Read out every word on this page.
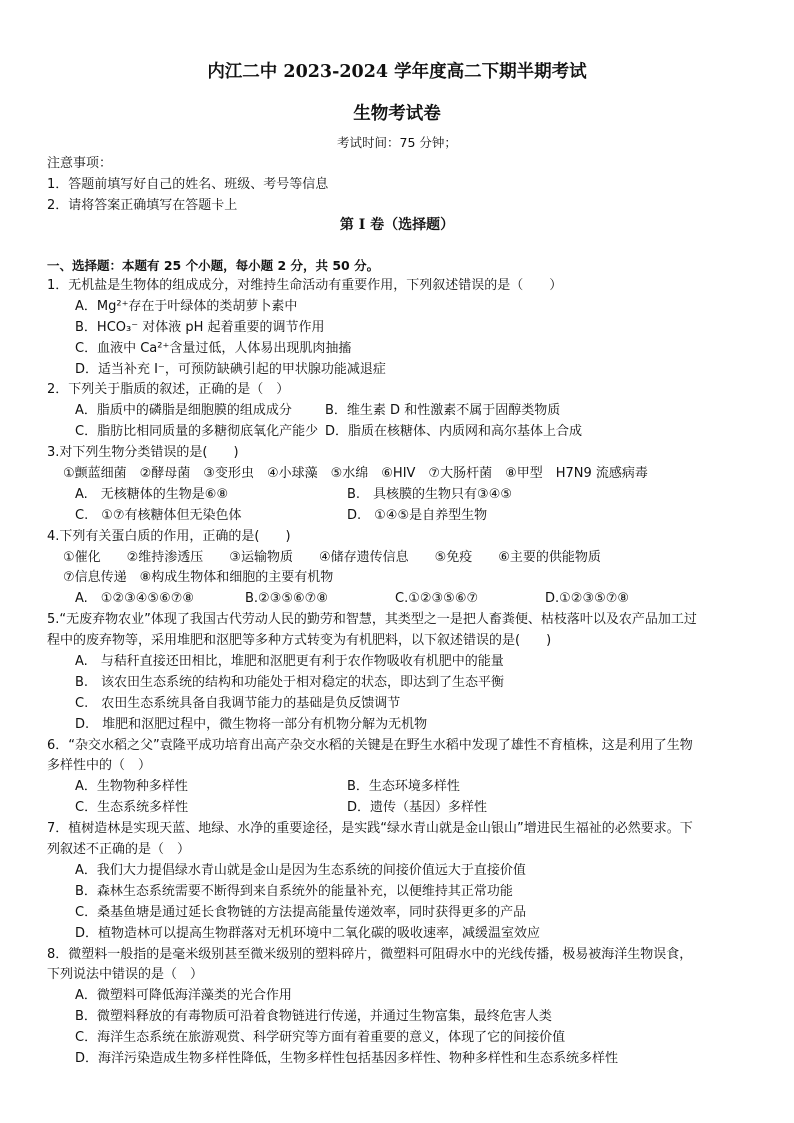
内江二中 2023-2024 学年度高二下期半期考试
生物考试卷
考试时间：75 分钟；
注意事项：
1．答题前填写好自己的姓名、班级、考号等信息
2．请将答案正确填写在答题卡上
第 I 卷（选择题）
一、选择题：本题有 25 个小题，每小题 2 分，共 50 分。
1．无机盐是生物体的组成成分，对维持生命活动有重要作用，下列叙述错误的是（　　）
A．Mg²⁺存在于叶绿体的类胡萝卜素中
B．HCO₃⁻ 对体液 pH 起着重要的调节作用
C．血液中 Ca²⁺含量过低，人体易出现肌肉抽搐
D．适当补充 I⁻，可预防缺碘引起的甲状腺功能减退症
2．下列关于脂质的叙述，正确的是（　）
A．脂质中的磷脂是细胞膜的组成成分	B．维生素 D 和性激素不属于固醇类物质
C．脂肪比相同质量的多糖彻底氧化产能少 D．脂质在核糖体、内质网和高尔基体上合成
3.对下列生物分类错误的是(　　)
①颤蓝细菌　②酵母菌　③变形虫　④小球藻　⑤水绵　⑥HIV　⑦大肠杆菌　⑧甲型　H7N9 流感病毒
A.　无核糖体的生物是⑥⑧	B.　具核膜的生物只有③④⑤
C.　①⑦有核糖体但无染色体	D.　①④⑤是自养型生物
4.下列有关蛋白质的作用，正确的是(　　)
①催化　　②维持渗透压　　③运输物质　　④储存遗传信息　　⑤免疫　　⑥主要的供能物质
⑦信息传递　⑧构成生物体和细胞的主要有机物
A.　①②③④⑤⑥⑦⑧	B.②③⑤⑥⑦⑧	C.①②③⑤⑥⑦	D.①②③⑤⑦⑧
5.“无废弃物农业”体现了我国古代劳动人民的勤劳和智慧，其类型之一是把人畜粪便、枯枝落叶以及农产品加工过
程中的废弃物等，采用堆肥和沤肥等多种方式转变为有机肥料，以下叙述错误的是(　　)
A.　与秸秆直接还田相比，堆肥和沤肥更有利于农作物吸收有机肥中的能量
B.　该农田生态系统的结构和功能处于相对稳定的状态，即达到了生态平衡
C.　农田生态系统具备自我调节能力的基础是负反馈调节
D.　堆肥和沤肥过程中，微生物将一部分有机物分解为无机物
6．“杂交水稻之父”袁隆平成功培育出高产杂交水稻的关键是在野生水稻中发现了雄性不育植株，这是利用了生物
多样性中的（　）
A．生物物种多样性	B．生态环境多样性
C．生态系统多样性	D．遗传（基因）多样性
7．植树造林是实现天蓝、地绿、水净的重要途径，是实践“绿水青山就是金山银山”增进民生福祉的必然要求。下
列叙述不正确的是（　）
A．我们大力提倡绿水青山就是金山是因为生态系统的间接价值远大于直接价值
B．森林生态系统需要不断得到来自系统外的能量补充，以便维持其正常功能
C．桑基鱼塘是通过延长食物链的方法提高能量传递效率，同时获得更多的产品
D．植物造林可以提高生物群落对无机环境中二氧化碳的吸收速率，减缓温室效应
8．微塑料一般指的是毫米级别甚至微米级别的塑料碎片，微塑料可阻碍水中的光线传播，极易被海洋生物误食，
下列说法中错误的是（　）
A．微塑料可降低海洋藻类的光合作用
B．微塑料释放的有毒物质可沿着食物链进行传递，并通过生物富集，最终危害人类
C．海洋生态系统在旅游观赏、科学研究等方面有着重要的意义，体现了它的间接价值
D．海洋污染造成生物多样性降低，生物多样性包括基因多样性、物种多样性和生态系统多样性
